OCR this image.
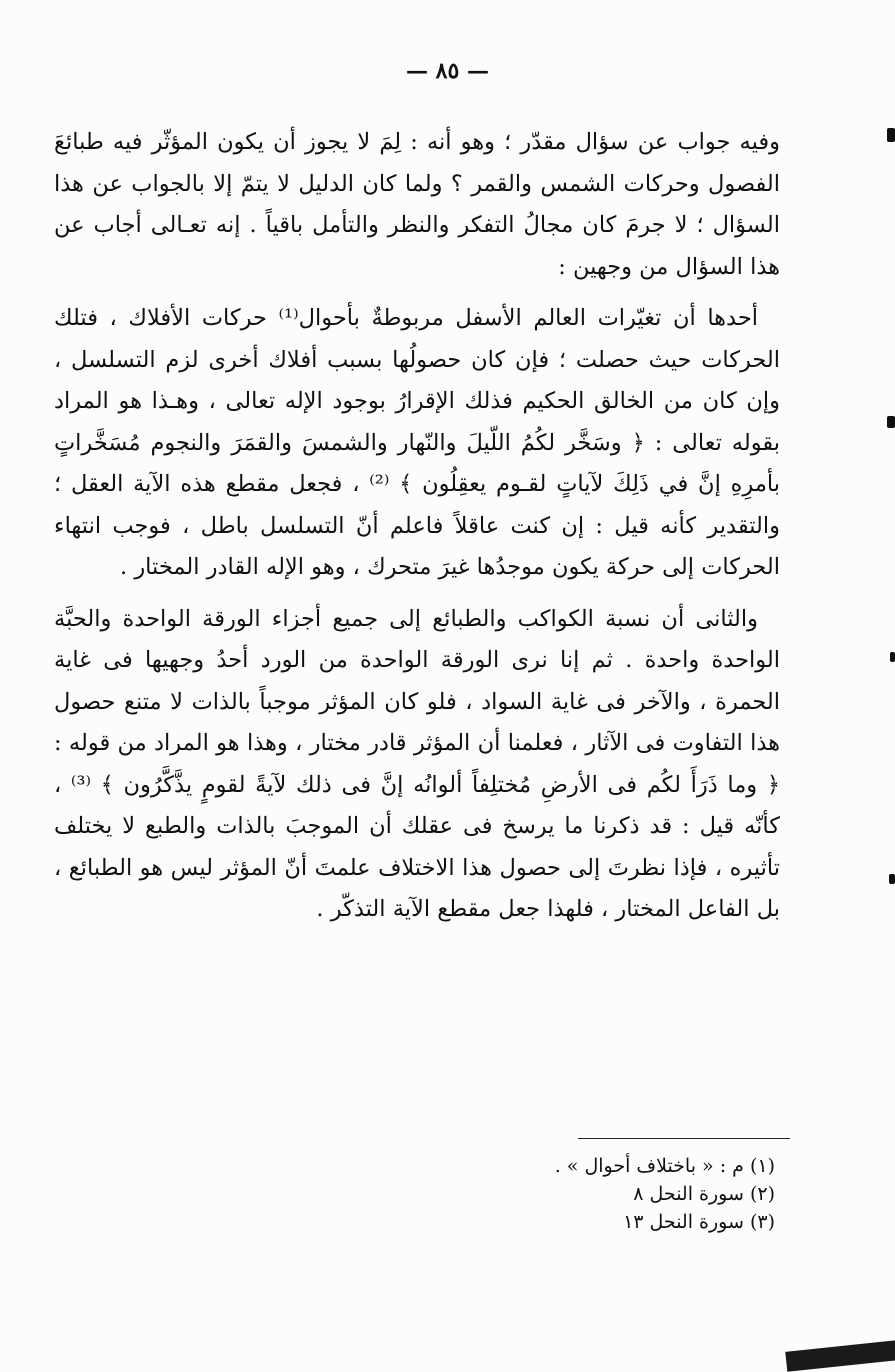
— ٨٥ —

وفيه جواب عن سؤال مقدّر ؛ وهو أنه : لِمَ لا يجوز أن يكون المؤثّر فيه طبائعَ الفصول وحركات الشمس والقمر ؟ ولما كان الدليل لا يتمّ إلا بالجواب عن هذا السؤال ؛ لا جرمَ كان مجالُ التفكر والنظر والتأمل باقياً . إنه تعـالى أجاب عن هذا السؤال من وجهين :

أحدها أن تغيّرات العالم الأسفل مربوطةٌ بأحوال⁽¹⁾ حركات الأفلاك ، فتلك الحركات حيث حصلت ؛ فإن كان حصولُها بسبب أفلاك أخرى لزم التسلسل ، وإن كان من الخالق الحكيم فذلك الإقرارُ بوجود الإله تعالى ، وهـذا هو المراد بقوله تعالى : ﴿ وسَخَّر لكُمُ اللّيلَ والنّهار والشمسَ والقمَرَ والنجوم مُسَخَّراتٍ بأمرِهِ إنَّ في ذَلِكَ لآياتٍ لقـوم يعقِلُون ﴾ ⁽²⁾ ، فجعل مقطع هذه الآية العقل ؛ والتقدير كأنه قيل : إن كنت عاقلاً فاعلم أنّ التسلسل باطل ، فوجب انتهاء الحركات إلى حركة يكون موجدُها غيرَ متحرك ، وهو الإله القادر المختار .

والثانى أن نسبة الكواكب والطبائع إلى جميع أجزاء الورقة الواحدة والحبَّة الواحدة واحدة . ثم إنا نرى الورقة الواحدة من الورد أحدُ وجهيها فى غاية الحمرة ، والآخر فى غاية السواد ، فلو كان المؤثر موجباً بالذات لا متنع حصول هذا التفاوت فى الآثار ، فعلمنا أن المؤثر قادر مختار ، وهذا هو المراد من قوله : ﴿ وما ذَرَأَ لكُم فى الأرضِ مُختلِفاً ألوانُه إنَّ فى ذلك لآيةً لقومٍ يذَّكَّرُون ﴾ ⁽³⁾ ، كأنّه قيل : قد ذكرنا ما يرسخ فى عقلك أن الموجبَ بالذات والطبع لا يختلف تأثيره ، فإذا نظرتَ إلى حصول هذا الاختلاف علمتَ أنّ المؤثر ليس هو الطبائع ، بل الفاعل المختار ، فلهذا جعل مقطع الآية التذكّر .

(١) م : « باختلاف أحوال » .
(٢) سورة النحل ٨
(٣) سورة النحل ١٣
